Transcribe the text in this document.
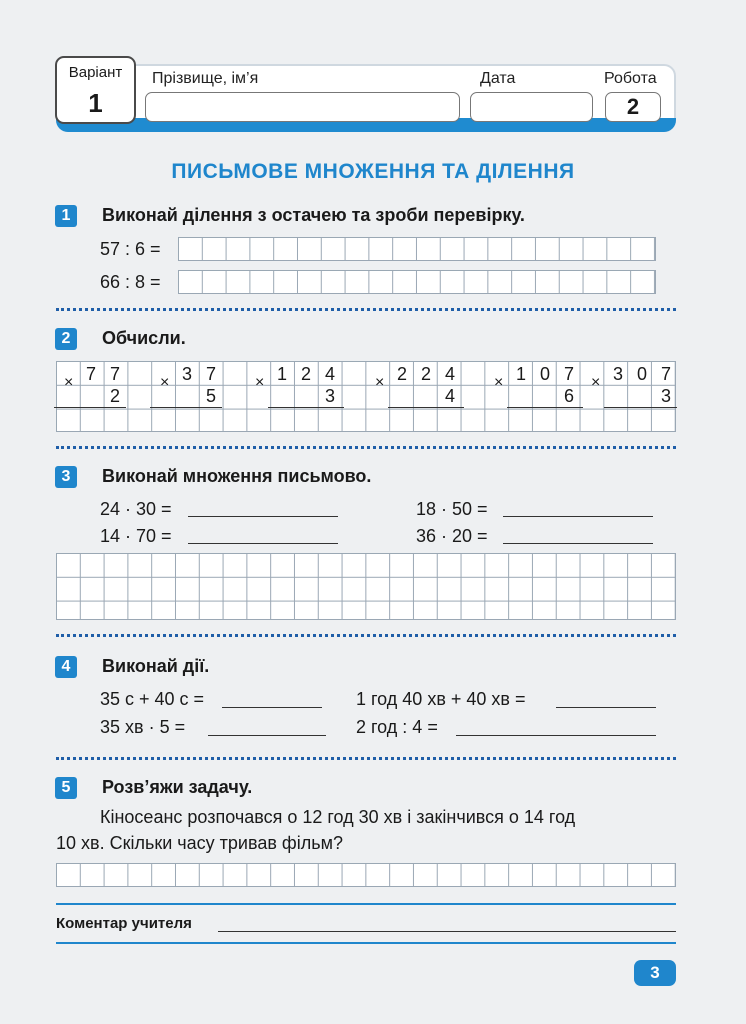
Варіант
1
Прізвище, ім’я	Дата	Робота
2
ПИСЬМОВЕ МНОЖЕННЯ ТА ДІЛЕННЯ
1	Виконай ділення з остачею та зроби перевірку.
57 : 6 =
66 : 8 =
2	Обчисли.
× 7 7
2
× 3 7
5
× 1 2 4
3
× 2 2 4
4
× 1 0 7
6
× 3 0 7
3
3	Виконай множення письмово.
24 · 30 =	18 · 50 =
14 · 70 =	36 · 20 =
4	Виконай дії.
35 с + 40 с =	1 год 40 хв + 40 хв =
35 хв · 5 =	2 год : 4 =
5	Розв’яжи задачу.
Кіносеанс розпочався о 12 год 30 хв і закінчився о 14 год
10 хв. Скільки часу тривав фільм?
Коментар учителя
3
